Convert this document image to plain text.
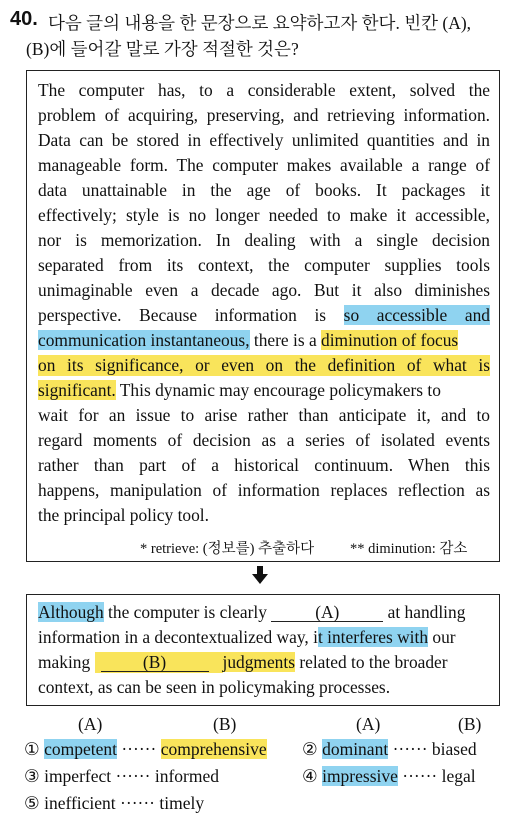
40. 다음 글의 내용을 한 문장으로 요약하고자 한다. 빈칸 (A),
(B)에 들어갈 말로 가장 적절한 것은?
The computer has, to a considerable extent, solved the
problem of acquiring, preserving, and retrieving information.
Data can be stored in effectively unlimited quantities and in
manageable form. The computer makes available a range of
data unattainable in the age of books. It packages it
effectively; style is no longer needed to make it accessible,
nor is memorization. In dealing with a single decision
separated from its context, the computer supplies tools
unimaginable even a decade ago. But it also diminishes
perspective. Because information is so accessible and
communication instantaneous, there is a diminution of focus
on its significance, or even on the definition of what is
significant. This dynamic may encourage policymakers to
wait for an issue to arise rather than anticipate it, and to
regard moments of decision as a series of isolated events
rather than part of a historical continuum. When this
happens, manipulation of information replaces reflection as
the principal policy tool.
* retrieve: (정보를) 추출하다 ** diminution: 감소
Although the computer is clearly	(A)	at handling
information in a decontextualized way, it interferes with our
making	(B)	judgments related to the broader
context, as can be seen in policymaking processes.
(A)	(B)	(A)	(B)
① competent ······ comprehensive ② dominant ······ biased
③ imperfect ······ informed	④ impressive ······ legal
⑤ inefficient ······ timely
